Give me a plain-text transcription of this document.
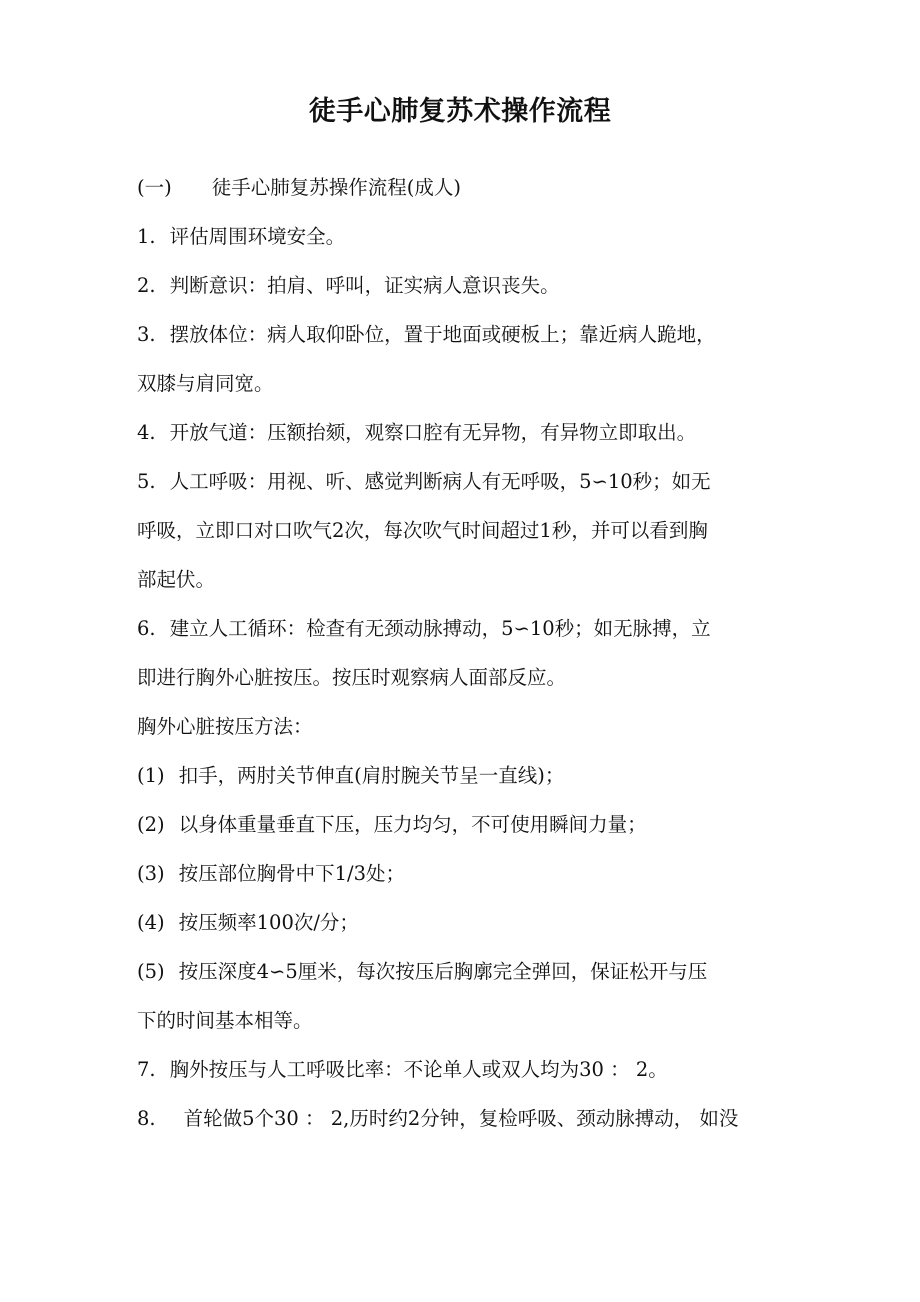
徒手心肺复苏术操作流程

(一) 徒手心肺复苏操作流程(成人)

1. 评估周围环境安全。

2. 判断意识：拍肩、呼叫，证实病人意识丧失。

3. 摆放体位：病人取仰卧位，置于地面或硬板上；靠近病人跪地，

双膝与肩同宽。

4. 开放气道：压额抬颏，观察口腔有无异物，有异物立即取出。

5. 人工呼吸：用视、听、感觉判断病人有无呼吸，5∽10秒；如无

呼吸，立即口对口吹气2次，每次吹气时间超过1秒，并可以看到胸

部起伏。

6. 建立人工循环：检查有无颈动脉搏动，5∽10秒；如无脉搏，立

即进行胸外心脏按压。按压时观察病人面部反应。

胸外心脏按压方法：

(1) 扣手，两肘关节伸直(肩肘腕关节呈一直线)；

(2) 以身体重量垂直下压，压力均匀，不可使用瞬间力量；

(3) 按压部位胸骨中下1/3处；

(4) 按压频率100次/分；

(5) 按压深度4∽5厘米，每次按压后胸廓完全弹回，保证松开与压

下的时间基本相等。

7. 胸外按压与人工呼吸比率：不论单人或双人均为30 ： 2。

8. 首轮做5个30 ： 2,历时约2分钟，复检呼吸、颈动脉搏动， 如没
